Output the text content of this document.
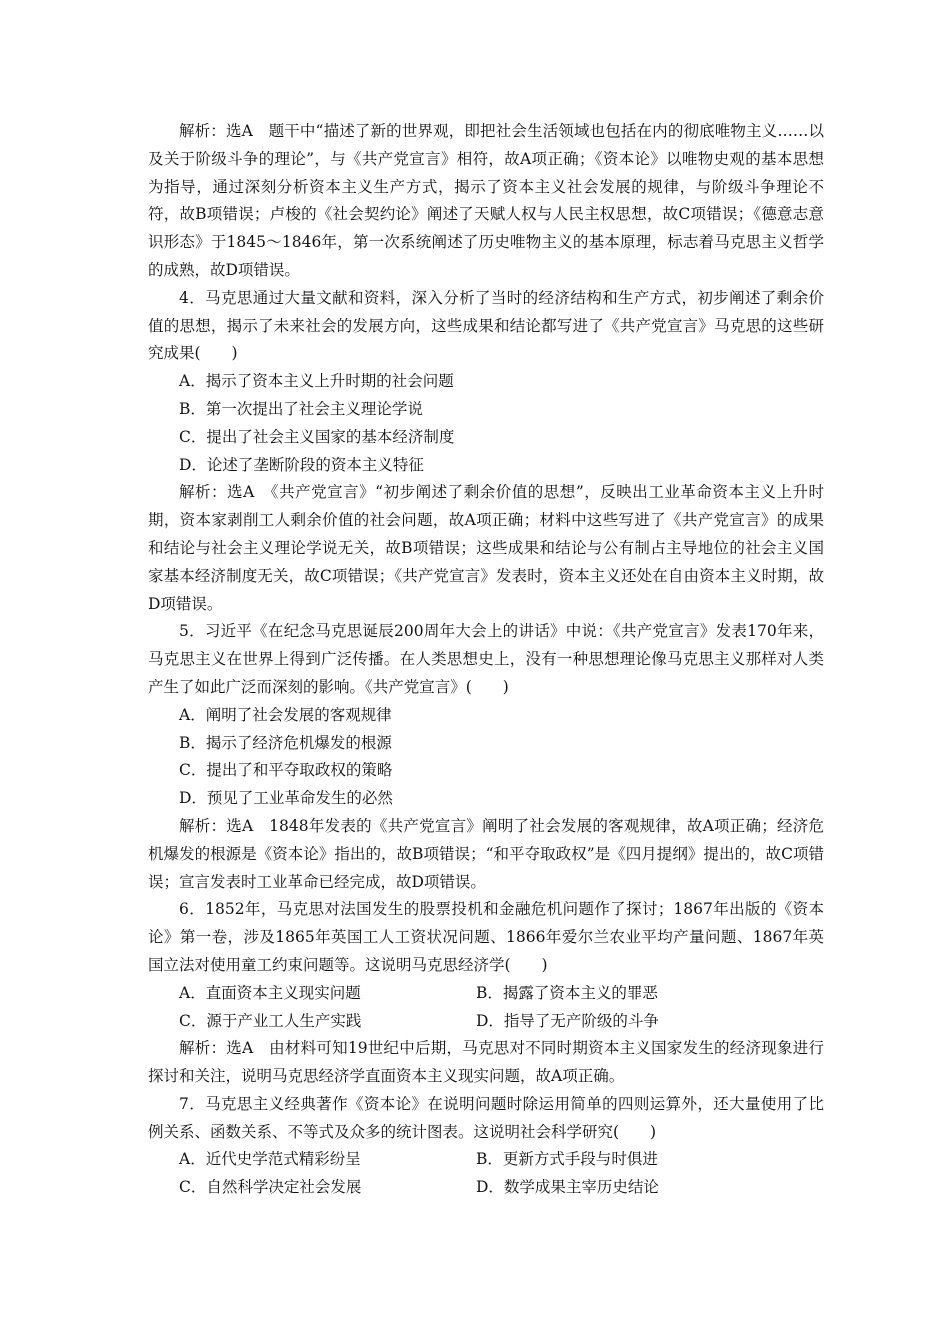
解析：选A　题干中“描述了新的世界观，即把社会生活领域也包括在内的彻底唯物主义……以及关于阶级斗争的理论”，与《共产党宣言》相符，故A项正确；《资本论》以唯物史观的基本思想为指导，通过深刻分析资本主义生产方式，揭示了资本主义社会发展的规律，与阶级斗争理论不符，故B项错误；卢梭的《社会契约论》阐述了天赋人权与人民主权思想，故C项错误；《德意志意识形态》于1845～1846年，第一次系统阐述了历史唯物主义的基本原理，标志着马克思主义哲学的成熟，故D项错误。

4．马克思通过大量文献和资料，深入分析了当时的经济结构和生产方式，初步阐述了剩余价值的思想，揭示了未来社会的发展方向，这些成果和结论都写进了《共产党宣言》马克思的这些研究成果(　　)

A．揭示了资本主义上升时期的社会问题

B．第一次提出了社会主义理论学说

C．提出了社会主义国家的基本经济制度

D．论述了垄断阶段的资本主义特征

解析：选A　《共产党宣言》“初步阐述了剩余价值的思想”，反映出工业革命资本主义上升时期，资本家剥削工人剩余价值的社会问题，故A项正确；材料中这些写进了《共产党宣言》的成果和结论与社会主义理论学说无关，故B项错误；这些成果和结论与公有制占主导地位的社会主义国家基本经济制度无关，故C项错误；《共产党宣言》发表时，资本主义还处在自由资本主义时期，故D项错误。

5．习近平《在纪念马克思诞辰200周年大会上的讲话》中说：《共产党宣言》发表170年来，马克思主义在世界上得到广泛传播。在人类思想史上，没有一种思想理论像马克思主义那样对人类产生了如此广泛而深刻的影响。《共产党宣言》(　　)

A．阐明了社会发展的客观规律

B．揭示了经济危机爆发的根源

C．提出了和平夺取政权的策略

D．预见了工业革命发生的必然

解析：选A　1848年发表的《共产党宣言》阐明了社会发展的客观规律，故A项正确；经济危机爆发的根源是《资本论》指出的，故B项错误；“和平夺取政权”是《四月提纲》提出的，故C项错误；宣言发表时工业革命已经完成，故D项错误。

6．1852年，马克思对法国发生的股票投机和金融危机问题作了探讨；1867年出版的《资本论》第一卷，涉及1865年英国工人工资状况问题、1866年爱尔兰农业平均产量问题、1867年英国立法对使用童工约束问题等。这说明马克思经济学(　　)

A．直面资本主义现实问题	B．揭露了资本主义的罪恶
C．源于产业工人生产实践	D．指导了无产阶级的斗争

解析：选A　由材料可知19世纪中后期，马克思对不同时期资本主义国家发生的经济现象进行探讨和关注，说明马克思经济学直面资本主义现实问题，故A项正确。

7．马克思主义经典著作《资本论》在说明问题时除运用简单的四则运算外，还大量使用了比例关系、函数关系、不等式及众多的统计图表。这说明社会科学研究(　　)

A．近代史学范式精彩纷呈	B．更新方式手段与时俱进
C．自然科学决定社会发展	D．数学成果主宰历史结论
